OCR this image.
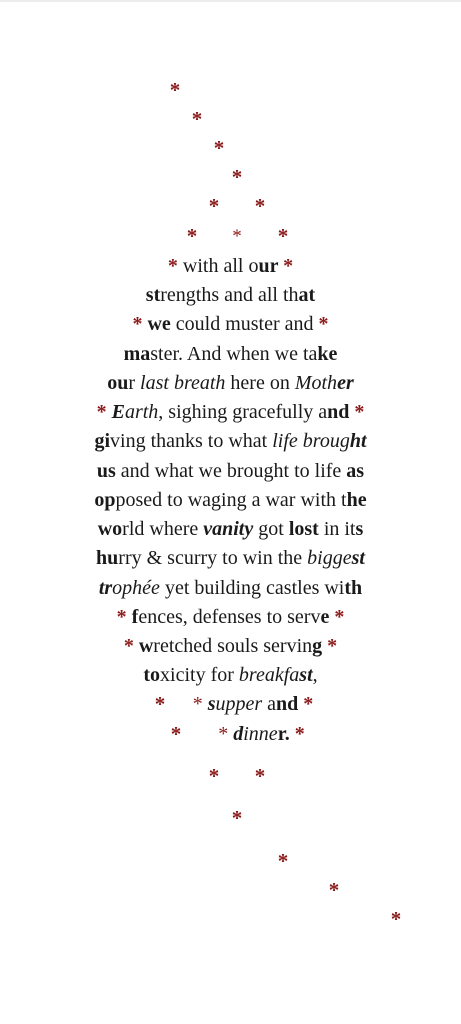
*
*
*
*
* *
* * *
* with all our *
strengths and all that
* we could muster and *
master. And when we take
our last breath here on Mother
* Earth, sighing gracefully and *
giving thanks to what life brought
us and what we brought to life as
opposed to waging a war with the
world where vanity got lost in its
hurry & scurry to win the biggest
trophée yet building castles with
* fences, defenses to serve *
* wretched souls serving *
toxicity for breakfast,
*	* supper and *
*	* dinner. *
* *
*
*
*
*
